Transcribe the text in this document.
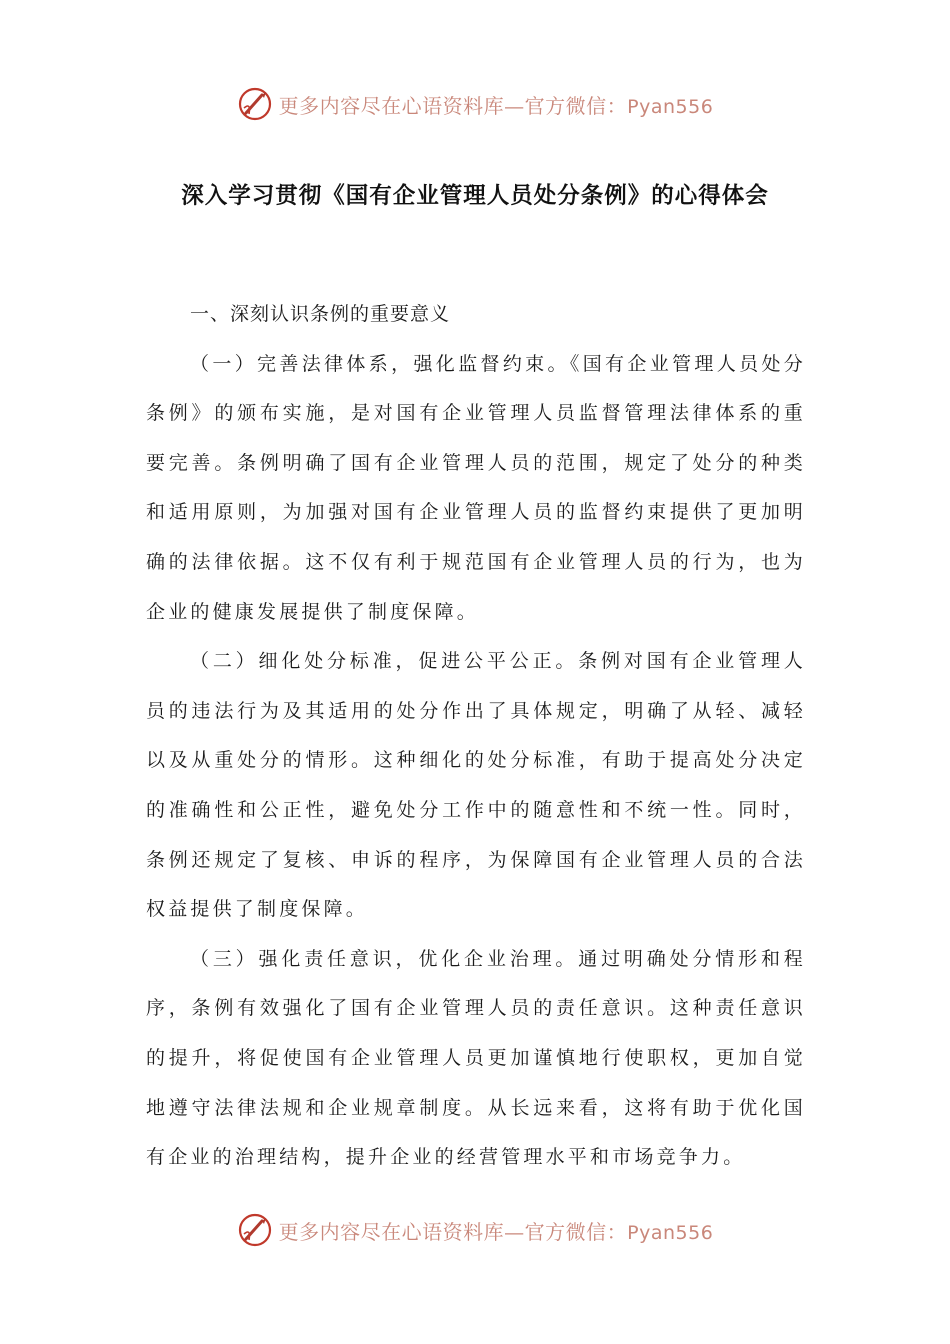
更多内容尽在心语资料库—官方微信：Pyan556
深入学习贯彻《国有企业管理人员处分条例》的心得体会
一、深刻认识条例的重要意义

（一）完善法律体系，强化监督约束。《国有企业管理人员处分条例》的颁布实施，是对国有企业管理人员监督管理法律体系的重要完善。条例明确了国有企业管理人员的范围，规定了处分的种类和适用原则，为加强对国有企业管理人员的监督约束提供了更加明确的法律依据。这不仅有利于规范国有企业管理人员的行为，也为企业的健康发展提供了制度保障。

（二）细化处分标准，促进公平公正。条例对国有企业管理人员的违法行为及其适用的处分作出了具体规定，明确了从轻、减轻以及从重处分的情形。这种细化的处分标准，有助于提高处分决定的准确性和公正性，避免处分工作中的随意性和不统一性。同时，条例还规定了复核、申诉的程序，为保障国有企业管理人员的合法权益提供了制度保障。

（三）强化责任意识，优化企业治理。通过明确处分情形和程序，条例有效强化了国有企业管理人员的责任意识。这种责任意识的提升，将促使国有企业管理人员更加谨慎地行使职权，更加自觉地遵守法律法规和企业规章制度。从长远来看，这将有助于优化国有企业的治理结构，提升企业的经营管理水平和市场竞争力。

更多内容尽在心语资料库—官方微信：Pyan556
